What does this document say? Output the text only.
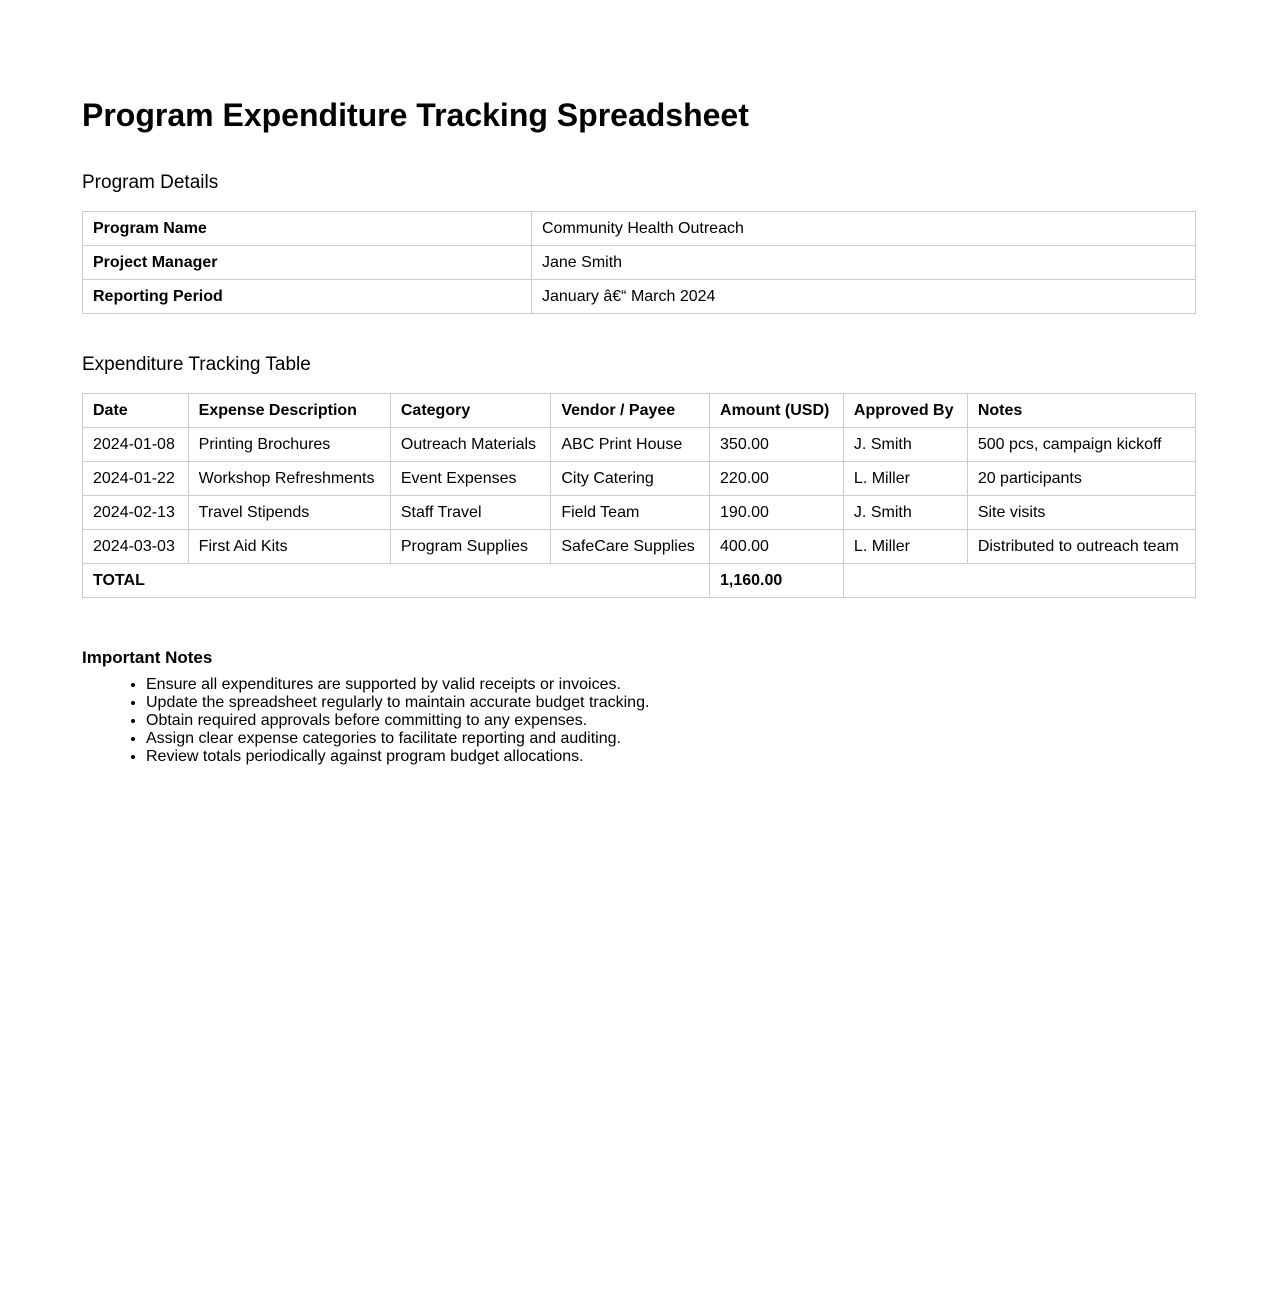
Program Expenditure Tracking Spreadsheet
Program Details
Program Name	Community Health Outreach
Project Manager	Jane Smith
Reporting Period	January â€“ March 2024
Expenditure Tracking Table
Date	Expense Description	Category	Vendor / Payee	Amount (USD)	Approved By	Notes
2024-01-08	Printing Brochures	Outreach Materials	ABC Print House	350.00	J. Smith	500 pcs, campaign kickoff
2024-01-22	Workshop Refreshments	Event Expenses	City Catering	220.00	L. Miller	20 participants
2024-02-13	Travel Stipends	Staff Travel	Field Team	190.00	J. Smith	Site visits
2024-03-03	First Aid Kits	Program Supplies	SafeCare Supplies	400.00	L. Miller	Distributed to outreach team
TOTAL				1,160.00		
Important Notes
• Ensure all expenditures are supported by valid receipts or invoices.
• Update the spreadsheet regularly to maintain accurate budget tracking.
• Obtain required approvals before committing to any expenses.
• Assign clear expense categories to facilitate reporting and auditing.
• Review totals periodically against program budget allocations.
